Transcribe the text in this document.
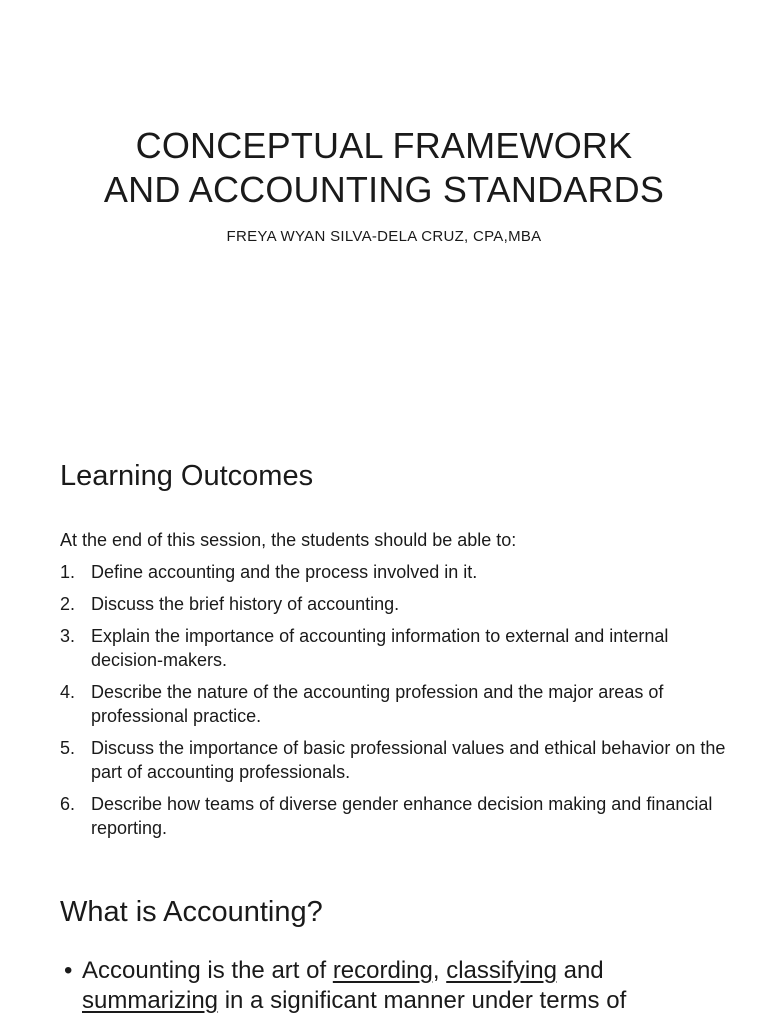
CONCEPTUAL FRAMEWORK
AND ACCOUNTING STANDARDS
FREYA WYAN SILVA-DELA CRUZ, CPA,MBA
Learning Outcomes
At the end of this session, the students should be able to:
1. Define accounting and the process involved in it.
2. Discuss the brief history of accounting.
3. Explain the importance of accounting information to external and internal decision-makers.
4. Describe the nature of the accounting profession and the major areas of professional practice.
5. Discuss the importance of basic professional values and ethical behavior on the part of accounting professionals.
6. Describe how teams of diverse gender enhance decision making and financial reporting.
What is Accounting?
• Accounting is the art of recording, classifying and summarizing in a significant manner under terms of
